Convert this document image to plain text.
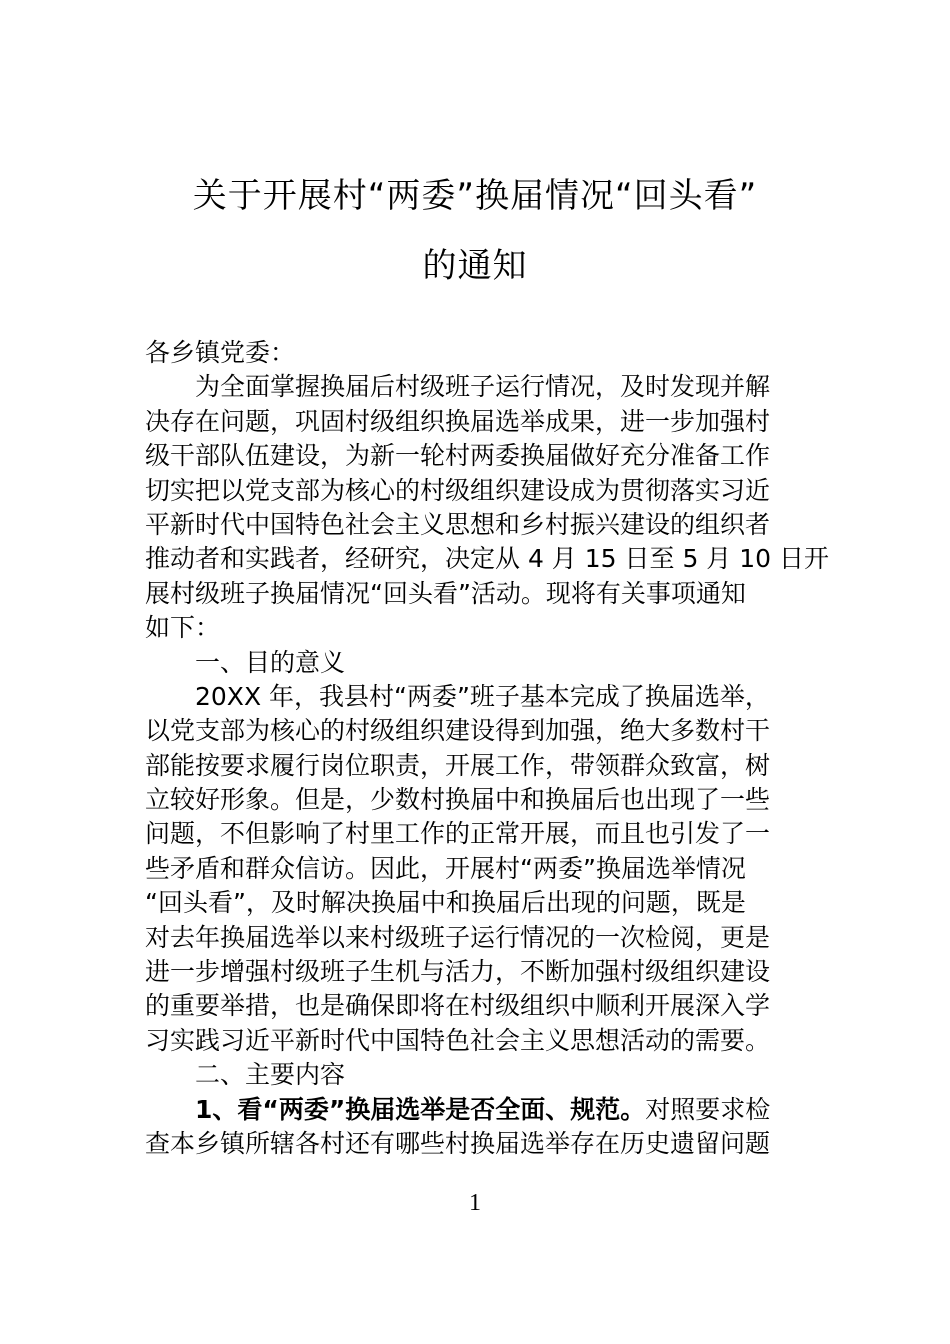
关于开展村“两委”换届情况“回头看”
的通知
各乡镇党委：
为全面掌握换届后村级班子运行情况，及时发现并解
决存在问题，巩固村级组织换届选举成果，进一步加强村
级干部队伍建设，为新一轮村两委换届做好充分准备工作
切实把以党支部为核心的村级组织建设成为贯彻落实习近
平新时代中国特色社会主义思想和乡村振兴建设的组织者
推动者和实践者，经研究，决定从 4 月 15 日至 5 月 10 日开
展村级班子换届情况“回头看”活动。现将有关事项通知
如下：
一、目的意义
20XX 年，我县村“两委”班子基本完成了换届选举，
以党支部为核心的村级组织建设得到加强，绝大多数村干
部能按要求履行岗位职责，开展工作，带领群众致富，树
立较好形象。但是，少数村换届中和换届后也出现了一些
问题，不但影响了村里工作的正常开展，而且也引发了一
些矛盾和群众信访。因此，开展村“两委”换届选举情况
“回头看”，及时解决换届中和换届后出现的问题，既是
对去年换届选举以来村级班子运行情况的一次检阅，更是
进一步增强村级班子生机与活力，不断加强村级组织建设
的重要举措，也是确保即将在村级组织中顺利开展深入学
习实践习近平新时代中国特色社会主义思想活动的需要。
二、主要内容
1、看“两委”换届选举是否全面、规范。对照要求检
查本乡镇所辖各村还有哪些村换届选举存在历史遗留问题
1
